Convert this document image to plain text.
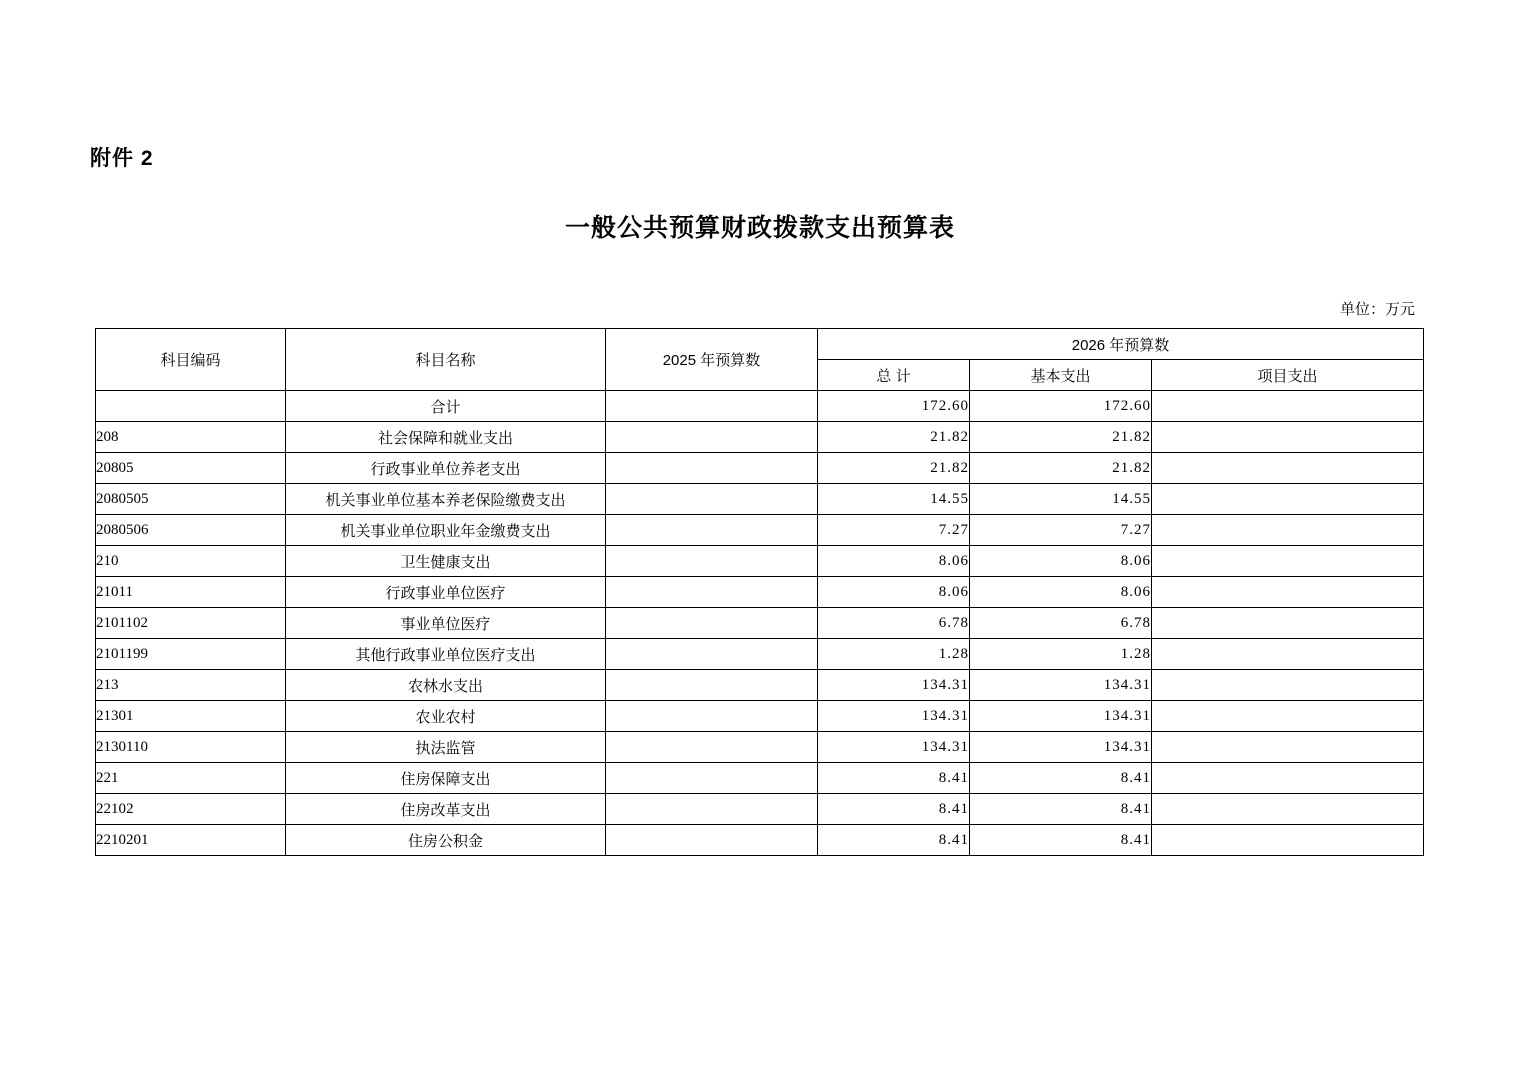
附件 2
一般公共预算财政拨款支出预算表
单位：万元
科目编码	科目名称	2025 年预算数	2026 年预算数		
			总 计	基本支出	项目支出
	合计		172.60	172.60	
208	社会保障和就业支出		21.82	21.82	
20805	行政事业单位养老支出		21.82	21.82	
2080505	机关事业单位基本养老保险缴费支出		14.55	14.55	
2080506	机关事业单位职业年金缴费支出		7.27	7.27	
210	卫生健康支出		8.06	8.06	
21011	行政事业单位医疗		8.06	8.06	
2101102	事业单位医疗		6.78	6.78	
2101199	其他行政事业单位医疗支出		1.28	1.28	
213	农林水支出		134.31	134.31	
21301	农业农村		134.31	134.31	
2130110	执法监管		134.31	134.31	
221	住房保障支出		8.41	8.41	
22102	住房改革支出		8.41	8.41	
2210201	住房公积金		8.41	8.41	
